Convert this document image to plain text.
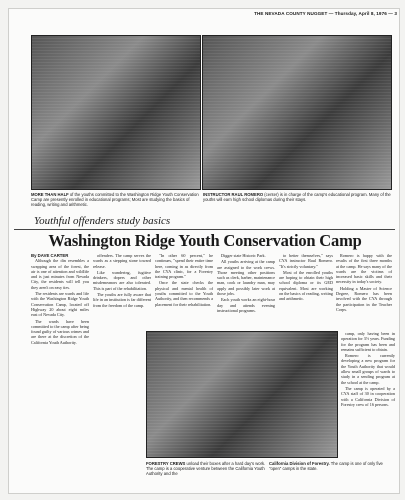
THE NEVADA COUNTY NUGGET — Thursday, April 8, 1976 — 3
MORE THAN HALF of the youths committed to the Washington Ridge Youth Conservation Camp are presently enrolled in educational programs; Most are studying the basics of reading, writing and arithmetic.
INSTRUCTOR RAUL ROMERO (center) is in charge of the camp's educational program. Many of the youths will earn high school diplomas during their stays.
Youthful offenders study basics
Washington Ridge Youth Conservation Camp
By DAVE CARTER

Although the din resembles a swapping area of the forest, the air is one of attention and wildlife and is just minutes from Nevada City, the residents will tell you they aren't on easy ties.

The residents are wards and life with the Washington Ridge Youth Conservation Camp, located off Highway 20 about eight miles east of Nevada City.

The wards have been committed to the camp after being found guilty of various crimes and are there at the discretion of the California Youth Authority.

offenders. The camp serves the wards as a stepping stone toward release.

Like wandering, fugitive drinkers, dopers and other misdemeanors are also tolerated. This is part of the rehabilitation.

The youths are fully aware that life in an institution is far different from the freedom of the camp.

"In other 60 percent," he continues, "spend their entire time here, coming in as directly from the CYA clinic, for a Forestry training program."

Once the state checks the physical and mental health of youths committed to the Youth Authority, and then recommends a placement for their rehabilitation.

Digger state Historic Park.

All youths arriving at the camp are assigned to the work crews. Those meeting other positions such as clerk, barber, maintenance man, cook or laundry man, may apply and possibly later work at those jobs.

Each youth works an eight-hour day and attends evening instructional programs.

to better themselves," says CYA instructor Raul Romero. "It's strictly voluntary."

Most of the enrolled youths are hoping to obtain their high school diploma or its GED equivalent. Most are working on the basics of reading, writing and arithmetic.

Romero is happy with the results of the first three months at the camp. He says many of the wards are the victims of increased basic skills and their necessity in today's society.

Holding a Master of Science Degree, Romero has been involved with the CYA through the participation in the Teacher Corps.

camp, only having been in operation for 3½ years. Funding for the program has been and remains sufficient to obtain.

Romero is currently developing a new program for the Youth Authority that would allow small groups of wards to study in a sending program at the school at the camp.

The camp is operated by a CYA staff of 30 in cooperation with a California Division of Forestry crew of 16 persons.

FORESTRY CREWS unload their boxes after a hard day's work. The camp is a cooperative venture between the California Youth Authority and the
California Division of Forestry. The camp is one of only five "open" camps in the state.
